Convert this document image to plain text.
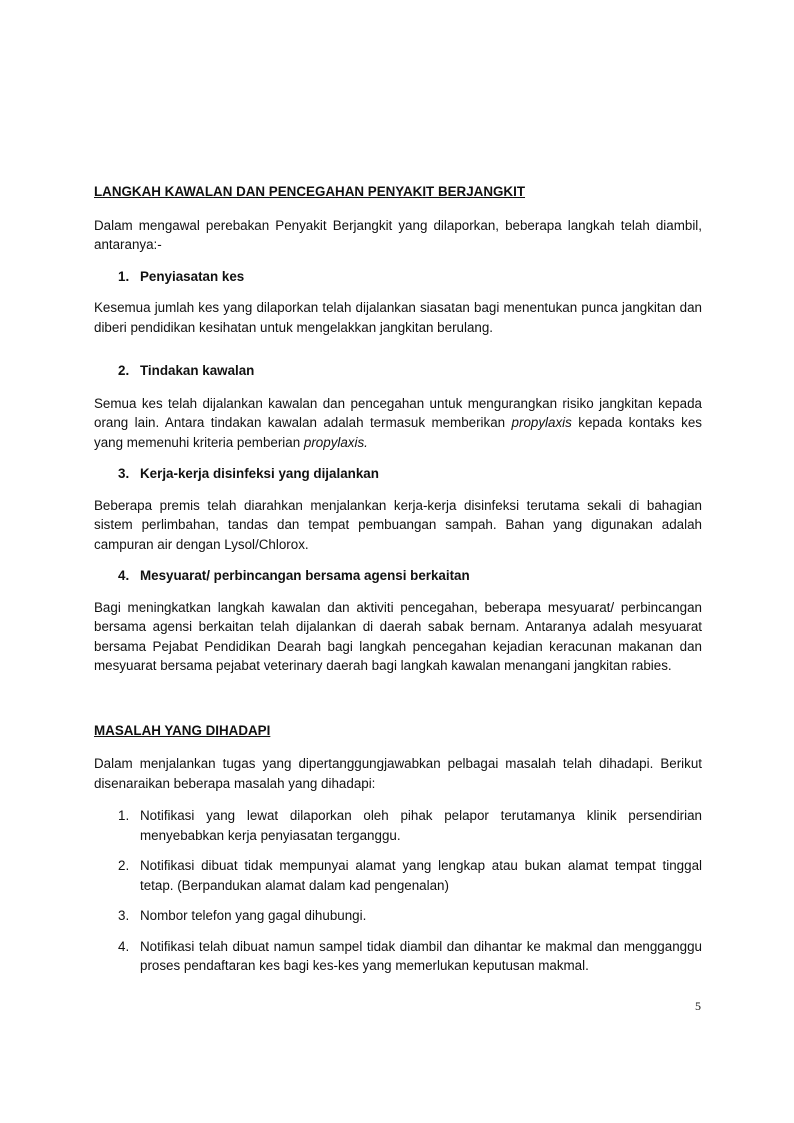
LANGKAH KAWALAN DAN PENCEGAHAN PENYAKIT BERJANGKIT

Dalam mengawal perebakan Penyakit Berjangkit yang dilaporkan, beberapa langkah telah diambil, antaranya:-

1. Penyiasatan kes

Kesemua jumlah kes yang dilaporkan telah dijalankan siasatan bagi menentukan punca jangkitan dan diberi pendidikan kesihatan untuk mengelakkan jangkitan berulang.

2. Tindakan kawalan

Semua kes telah dijalankan kawalan dan pencegahan untuk mengurangkan risiko jangkitan kepada orang lain. Antara tindakan kawalan adalah termasuk memberikan propylaxis kepada kontaks kes yang memenuhi kriteria pemberian propylaxis.

3. Kerja-kerja disinfeksi yang dijalankan

Beberapa premis telah diarahkan menjalankan kerja-kerja disinfeksi terutama sekali di bahagian sistem perlimbahan, tandas dan tempat pembuangan sampah. Bahan yang digunakan adalah campuran air dengan Lysol/Chlorox.

4. Mesyuarat/ perbincangan bersama agensi berkaitan

Bagi meningkatkan langkah kawalan dan aktiviti pencegahan, beberapa mesyuarat/ perbincangan bersama agensi berkaitan telah dijalankan di daerah sabak bernam. Antaranya adalah mesyuarat bersama Pejabat Pendidikan Dearah bagi langkah pencegahan kejadian keracunan makanan dan mesyuarat bersama pejabat veterinary daerah bagi langkah kawalan menangani jangkitan rabies.

MASALAH YANG DIHADAPI

Dalam menjalankan tugas yang dipertanggungjawabkan pelbagai masalah telah dihadapi. Berikut disenaraikan beberapa masalah yang dihadapi:

1. Notifikasi yang lewat dilaporkan oleh pihak pelapor terutamanya klinik persendirian menyebabkan kerja penyiasatan terganggu.
2. Notifikasi dibuat tidak mempunyai alamat yang lengkap atau bukan alamat tempat tinggal tetap. (Berpandukan alamat dalam kad pengenalan)
3. Nombor telefon yang gagal dihubungi.
4. Notifikasi telah dibuat namun sampel tidak diambil dan dihantar ke makmal dan mengganggu proses pendaftaran kes bagi kes-kes yang memerlukan keputusan makmal.
5
